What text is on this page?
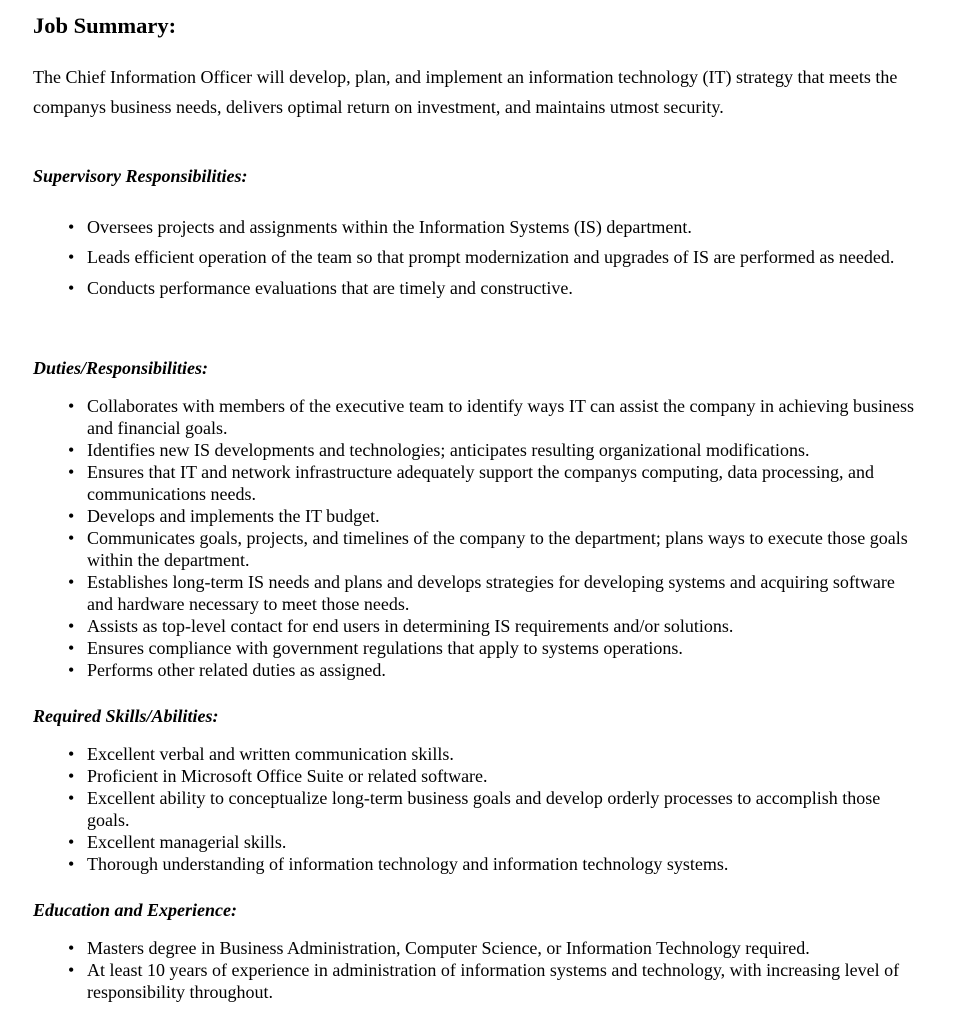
Job Summary:

The Chief Information Officer will develop, plan, and implement an information technology (IT) strategy that meets the companys business needs, delivers optimal return on investment, and maintains utmost security.

Supervisory Responsibilities:
• Oversees projects and assignments within the Information Systems (IS) department.
• Leads efficient operation of the team so that prompt modernization and upgrades of IS are performed as needed.
• Conducts performance evaluations that are timely and constructive.
Duties/Responsibilities:
• Collaborates with members of the executive team to identify ways IT can assist the company in achieving business and financial goals.
• Identifies new IS developments and technologies; anticipates resulting organizational modifications.
• Ensures that IT and network infrastructure adequately support the companys computing, data processing, and communications needs.
• Develops and implements the IT budget.
• Communicates goals, projects, and timelines of the company to the department; plans ways to execute those goals within the department.
• Establishes long-term IS needs and plans and develops strategies for developing systems and acquiring software and hardware necessary to meet those needs.
• Assists as top-level contact for end users in determining IS requirements and/or solutions.
• Ensures compliance with government regulations that apply to systems operations.
• Performs other related duties as assigned.
Required Skills/Abilities:
• Excellent verbal and written communication skills.
• Proficient in Microsoft Office Suite or related software.
• Excellent ability to conceptualize long-term business goals and develop orderly processes to accomplish those goals.
• Excellent managerial skills.
• Thorough understanding of information technology and information technology systems.
Education and Experience:
• Masters degree in Business Administration, Computer Science, or Information Technology required.
• At least 10 years of experience in administration of information systems and technology, with increasing level of responsibility throughout.
